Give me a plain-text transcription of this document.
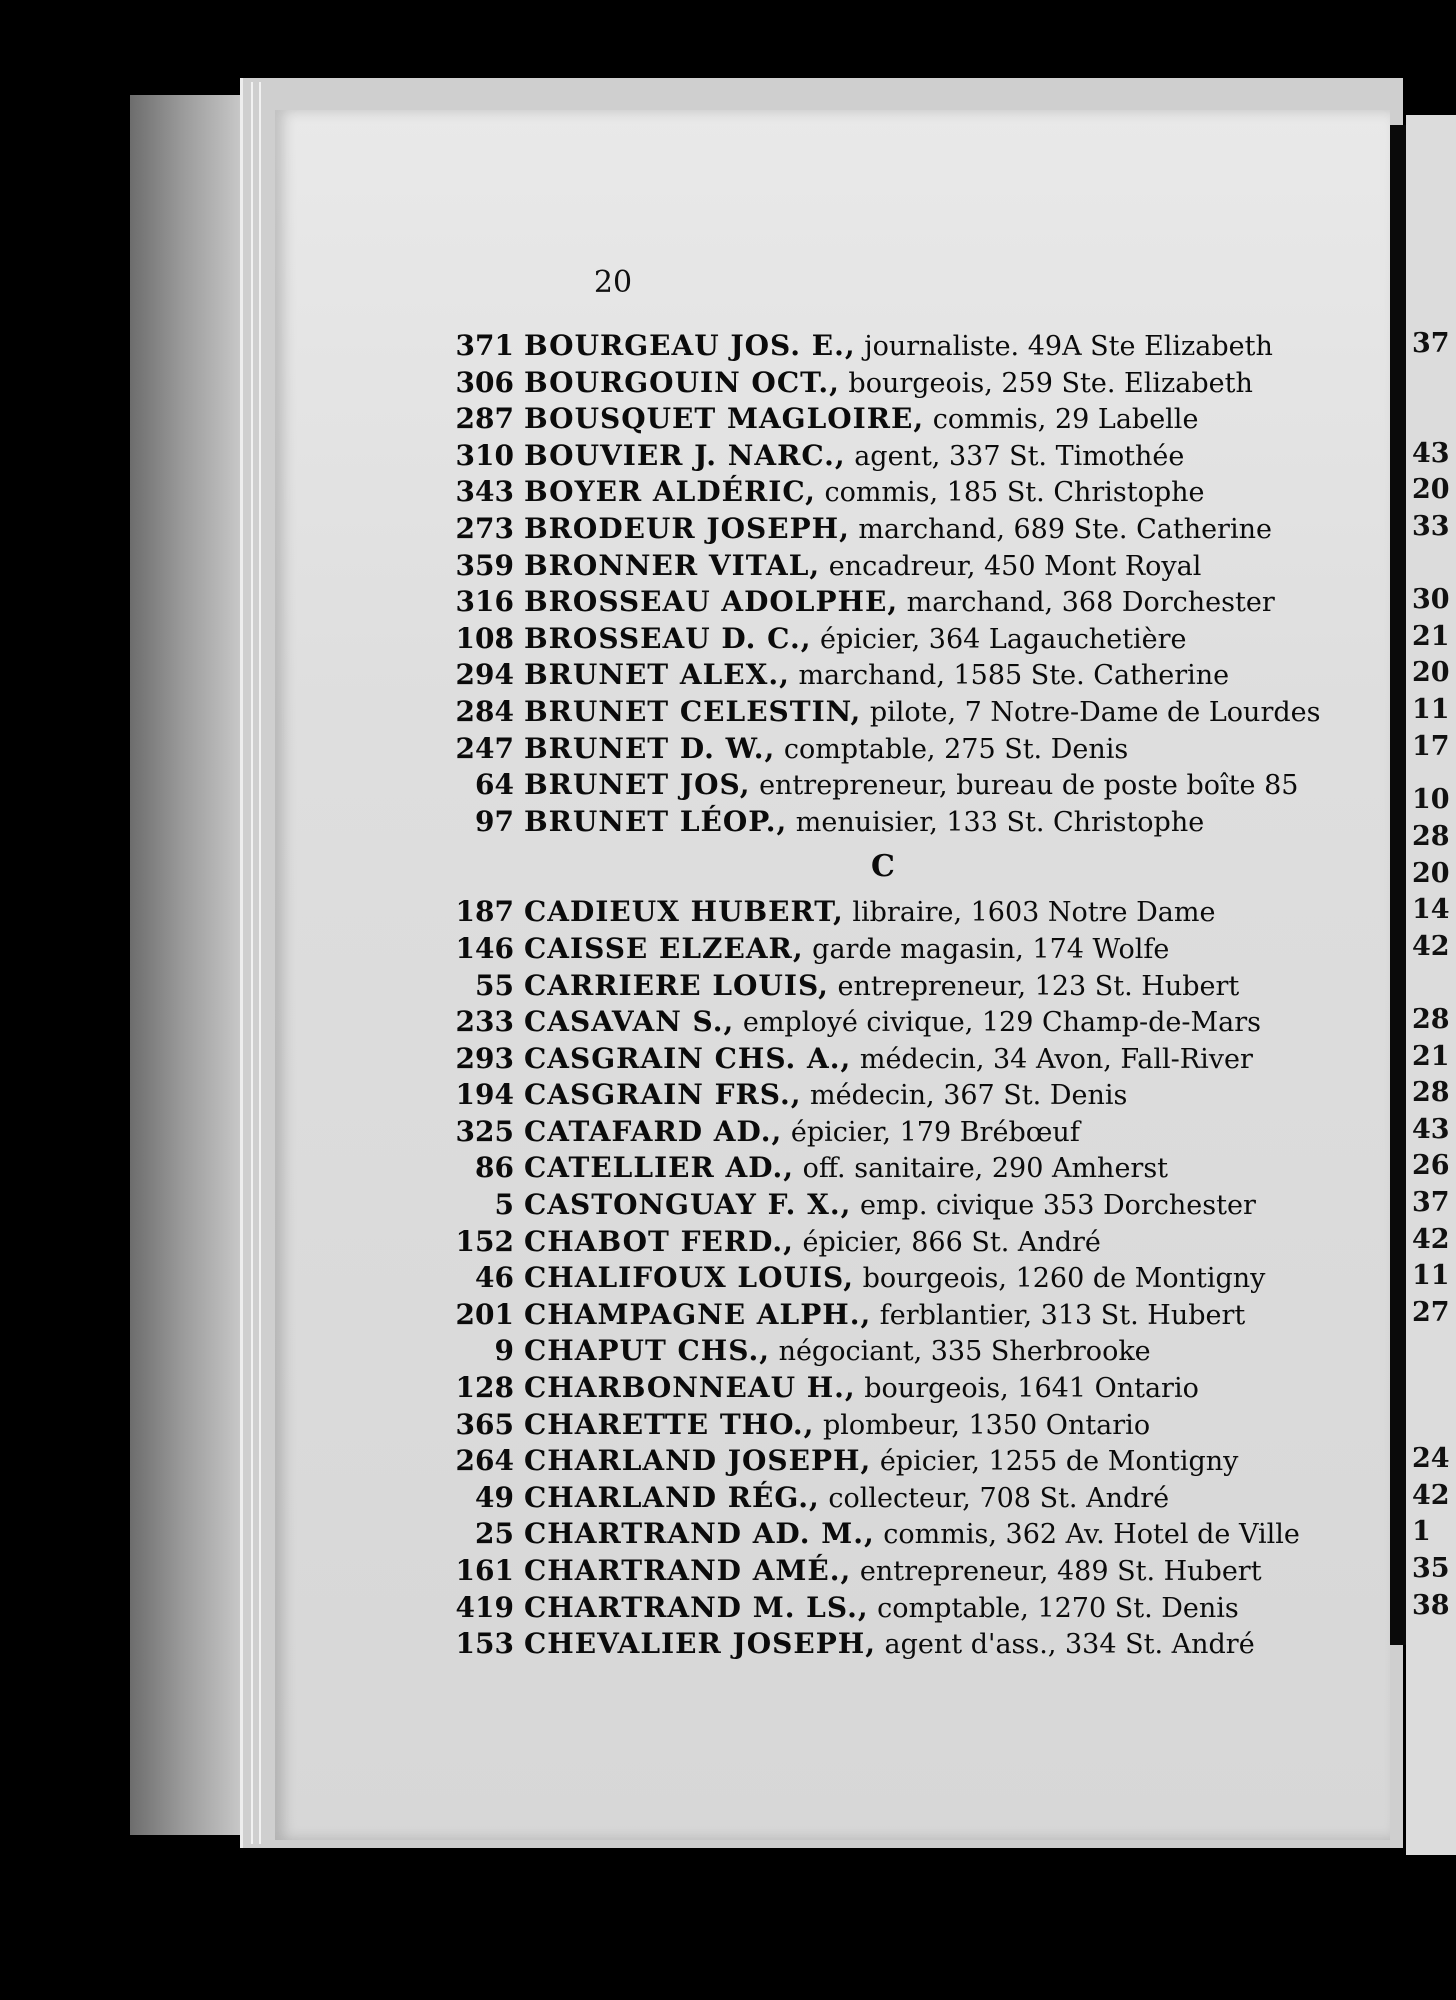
20
371 BOURGEAU JOS. E., journaliste. 49A Ste Elizabeth
306 BOURGOUIN OCT., bourgeois, 259 Ste. Elizabeth
287 BOUSQUET MAGLOIRE, commis, 29 Labelle
310 BOUVIER J. NARC., agent, 337 St. Timothée
343 BOYER ALDÉRIC, commis, 185 St. Christophe
273 BRODEUR JOSEPH, marchand, 689 Ste. Catherine
359 BRONNER VITAL, encadreur, 450 Mont Royal
316 BROSSEAU ADOLPHE, marchand, 368 Dorchester
108 BROSSEAU D. C., épicier, 364 Lagauchetière
294 BRUNET ALEX., marchand, 1585 Ste. Catherine
284 BRUNET CELESTIN, pilote, 7 Notre-Dame de Lourdes
247 BRUNET D. W., comptable, 275 St. Denis
64 BRUNET JOS, entrepreneur, bureau de poste boîte 85
97 BRUNET LÉOP., menuisier, 133 St. Christophe
C
187 CADIEUX HUBERT, libraire, 1603 Notre Dame
146 CAISSE ELZEAR, garde magasin, 174 Wolfe
55 CARRIERE LOUIS, entrepreneur, 123 St. Hubert
233 CASAVAN S., employé civique, 129 Champ-de-Mars
293 CASGRAIN CHS. A., médecin, 34 Avon, Fall-River
194 CASGRAIN FRS., médecin, 367 St. Denis
325 CATAFARD AD., épicier, 179 Brébœuf
86 CATELLIER AD., off. sanitaire, 290 Amherst
5 CASTONGUAY F. X., emp. civique 353 Dorchester
152 CHABOT FERD., épicier, 866 St. André
46 CHALIFOUX LOUIS, bourgeois, 1260 de Montigny
201 CHAMPAGNE ALPH., ferblantier, 313 St. Hubert
9 CHAPUT CHS., négociant, 335 Sherbrooke
128 CHARBONNEAU H., bourgeois, 1641 Ontario
365 CHARETTE THO., plombeur, 1350 Ontario
264 CHARLAND JOSEPH, épicier, 1255 de Montigny
49 CHARLAND RÉG., collecteur, 708 St. André
25 CHARTRAND AD. M., commis, 362 Av. Hotel de Ville
161 CHARTRAND AMÉ., entrepreneur, 489 St. Hubert
419 CHARTRAND M. LS., comptable, 1270 St. Denis
153 CHEVALIER JOSEPH, agent d'ass., 334 St. André
37
43
20
33
30
21
20
11
17
10
28
20
14
42
28
21
28
43
26
37
42
11
27
24
42
1
35
38
